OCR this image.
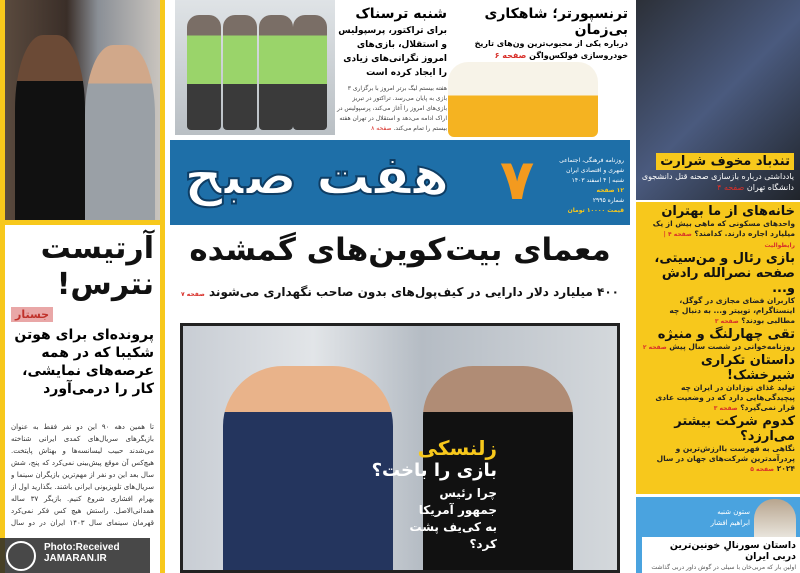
آرتیست نترس!
جستار
پرونده‌ای برای هوتن شکیبا که در همه عرصه‌های نمایشی، کار را درمی‌آورد
تا همین دهه ۹۰ این دو نفر فقط به عنوان بازیگرهای سریال‌های کمدی ایرانی شناخته می‌شدند حبیب لیسانسه‌ها و بهتاش پایتخت. هیچ‌کس آن موقع پیش‌بینی نمی‌کرد که پنج، شش سال بعد این دو نفر از مهم‌ترین بازیگران سینما و سریال‌های تلویزیونی ایرانی باشند. بگذارید اول از بهرام افشاری شروع کنیم. بازیگر ۳۷ ساله همدانی‌الاصل. راستش هیچ کس فکر نمی‌کرد قهرمان سینمای سال ۱۴۰۳ ایران در دو سال
Photo:Received
JAMARAN.IR
شنبه ترسناک
برای تراکتور، پرسپولیس و استقلال، بازی‌های امروز نگرانی‌های زیادی را ایجاد کرده است
هفته بیستم لیگ برتر امروز با برگزاری ۳ بازی به پایان می‌رسد. تراکتور در تبریز بازی‌های امروز را آغاز می‌کند، پرسپولیس در اراک ادامه می‌دهد و استقلال در تهران هفته بیستم را تمام می‌کند. صفحه ۸
ترنسپورتر؛ شاهکاری بی‌زمان
درباره یکی از محبوب‌ترین ون‌های تاریخ خودروسازی فولکس‌واگن صفحه ۶
هفت صبح ۷	روزنامه فرهنگی، اجتماعی
شهری و اقتصادی ایران
شنبه | ۴ اسفند ۱۴۰۳
۱۲ صفحه
شماره ۲۹۹۵
قیمت ۱۰۰۰۰ تومان
معمای بیت‌کوین‌های گمشده
۴۰۰ میلیارد دلار دارایی در کیف‌پول‌های بدون صاحب نگهداری می‌شوند صفحه ۷
زلنسکی
بازی را باخت؟
چرا رئیس جمهور آمریکا به کی‌یف پشت کرد؟
تندباد مخوف شرارت
یادداشتی درباره بازسازی صحنه قتل دانشجوی دانشگاه تهران صفحه ۴
خانه‌های از ما بهتران

واحدهای مسکونی که ماهی بیش از یک میلیارد اجاره دارند. کدامند؟ صفحه ۴ | رایطوالیت

بازی رئال و من‌سیتی، صفحه نصرالله رادش و...

کاربران فضای مجازی در گوگل، اینستاگرام، توییتر و... به دنبال چه مطالبی بودند؟ صفحه ۳

تقی چهارلنگ و منیژه

روزنامه‌خوانی در شصت سال پیش صفحه ۲

داستان تکراری شیرخشک!

تولید غذای نوزادان در ایران چه پیچیدگی‌هایی دارد که در وضعیت عادی قرار نمی‌گیرد؟ صفحه ۳

کدوم شرکت بیشتر می‌ارزد؟

نگاهی به فهرست باارزش‌ترین و پردرآمدترین شرکت‌های جهان در سال ۲۰۲۴ صفحه ۵

ستون شنبه
ابراهیم افشار
داستان سورنالِ خونین‌ترین دربی ایران

اولین بار که مربی‌خان با سیلی در گوش داور دربی گذاشت
